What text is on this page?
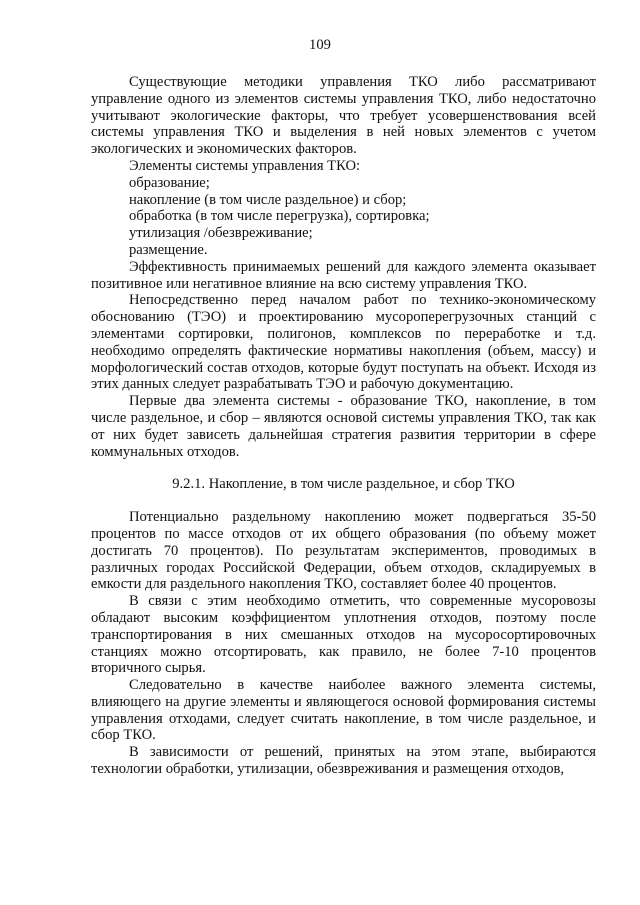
109

Существующие методики управления ТКО либо рассматривают управление одного из элементов системы управления ТКО, либо недостаточно учитывают экологические факторы, что требует усовершенствования всей системы управления ТКО и выделения в ней новых элементов с учетом экологических и экономических факторов.

Элементы системы управления ТКО:

образование;

накопление (в том числе раздельное) и сбор;

обработка (в том числе перегрузка), сортировка;

утилизация /обезвреживание;

размещение.

Эффективность принимаемых решений для каждого элемента оказывает позитивное или негативное влияние на всю систему управления ТКО.

Непосредственно перед началом работ по технико-экономическому обоснованию (ТЭО) и проектированию мусороперегрузочных станций с элементами сортировки, полигонов, комплексов по переработке и т.д. необходимо определять фактические нормативы накопления (объем, массу) и морфологический состав отходов, которые будут поступать на объект. Исходя из этих данных следует разрабатывать ТЭО и рабочую документацию.

Первые два элемента системы - образование ТКО, накопление, в том числе раздельное, и сбор – являются основой системы управления ТКО, так как от них будет зависеть дальнейшая стратегия развития территории в сфере коммунальных отходов.

9.2.1. Накопление, в том числе раздельное, и сбор ТКО

Потенциально раздельному накоплению может подвергаться 35-50 процентов по массе отходов от их общего образования (по объему может достигать 70 процентов). По результатам экспериментов, проводимых в различных городах Российской Федерации, объем отходов, складируемых в емкости для раздельного накопления ТКО, составляет более 40 процентов.

В связи с этим необходимо отметить, что современные мусоровозы обладают высоким коэффициентом уплотнения отходов, поэтому после транспортирования в них смешанных отходов на мусоросортировочных станциях можно отсортировать, как правило, не более 7-10 процентов вторичного сырья.

Следовательно в качестве наиболее важного элемента системы, влияющего на другие элементы и являющегося основой формирования системы управления отходами, следует считать накопление, в том числе раздельное, и сбор ТКО.

В зависимости от решений, принятых на этом этапе, выбираются технологии обработки, утилизации, обезвреживания и размещения отходов,
